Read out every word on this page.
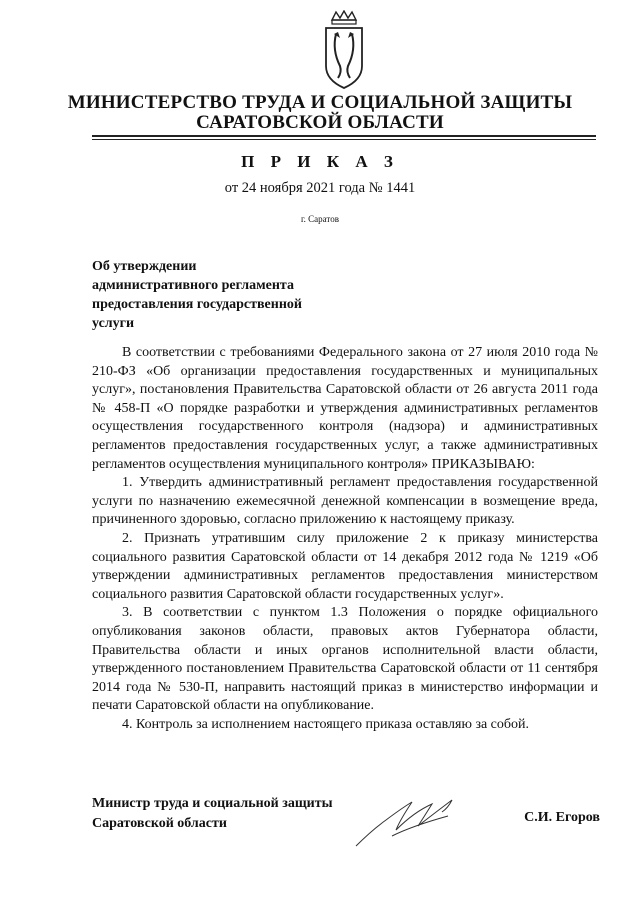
МИНИСТЕРСТВО ТРУДА И СОЦИАЛЬНОЙ ЗАЩИТЫ
САРАТОВСКОЙ ОБЛАСТИ
П Р И К А З
от 24 ноября 2021 года № 1441
г. Саратов
Об утверждении
административного регламента
предоставления государственной
услуги

В соответствии с требованиями Федерального закона от 27 июля 2010 года № 210-ФЗ «Об организации предоставления государственных и муниципальных услуг», постановления Правительства Саратовской области от 26 августа 2011 года № 458-П «О порядке разработки и утверждения административных регламентов осуществления государственного контроля (надзора) и административных регламентов предоставления государственных услуг, а также административных регламентов осуществления муниципального контроля» ПРИКАЗЫВАЮ:

1. Утвердить административный регламент предоставления государственной услуги по назначению ежемесячной денежной компенсации в возмещение вреда, причиненного здоровью, согласно приложению к настоящему приказу.

2. Признать утратившим силу приложение 2 к приказу министерства социального развития Саратовской области от 14 декабря 2012 года № 1219 «Об утверждении административных регламентов предоставления министерством социального развития Саратовской области государственных услуг».

3. В соответствии с пунктом 1.3 Положения о порядке официального опубликования законов области, правовых актов Губернатора области, Правительства области и иных органов исполнительной власти области, утвержденного постановлением Правительства Саратовской области от 11 сентября 2014 года № 530-П, направить настоящий приказ в министерство информации и печати Саратовской области на опубликование.

4. Контроль за исполнением настоящего приказа оставляю за собой.

Министр труда и социальной защиты
Саратовской области	С.И. Егоров
